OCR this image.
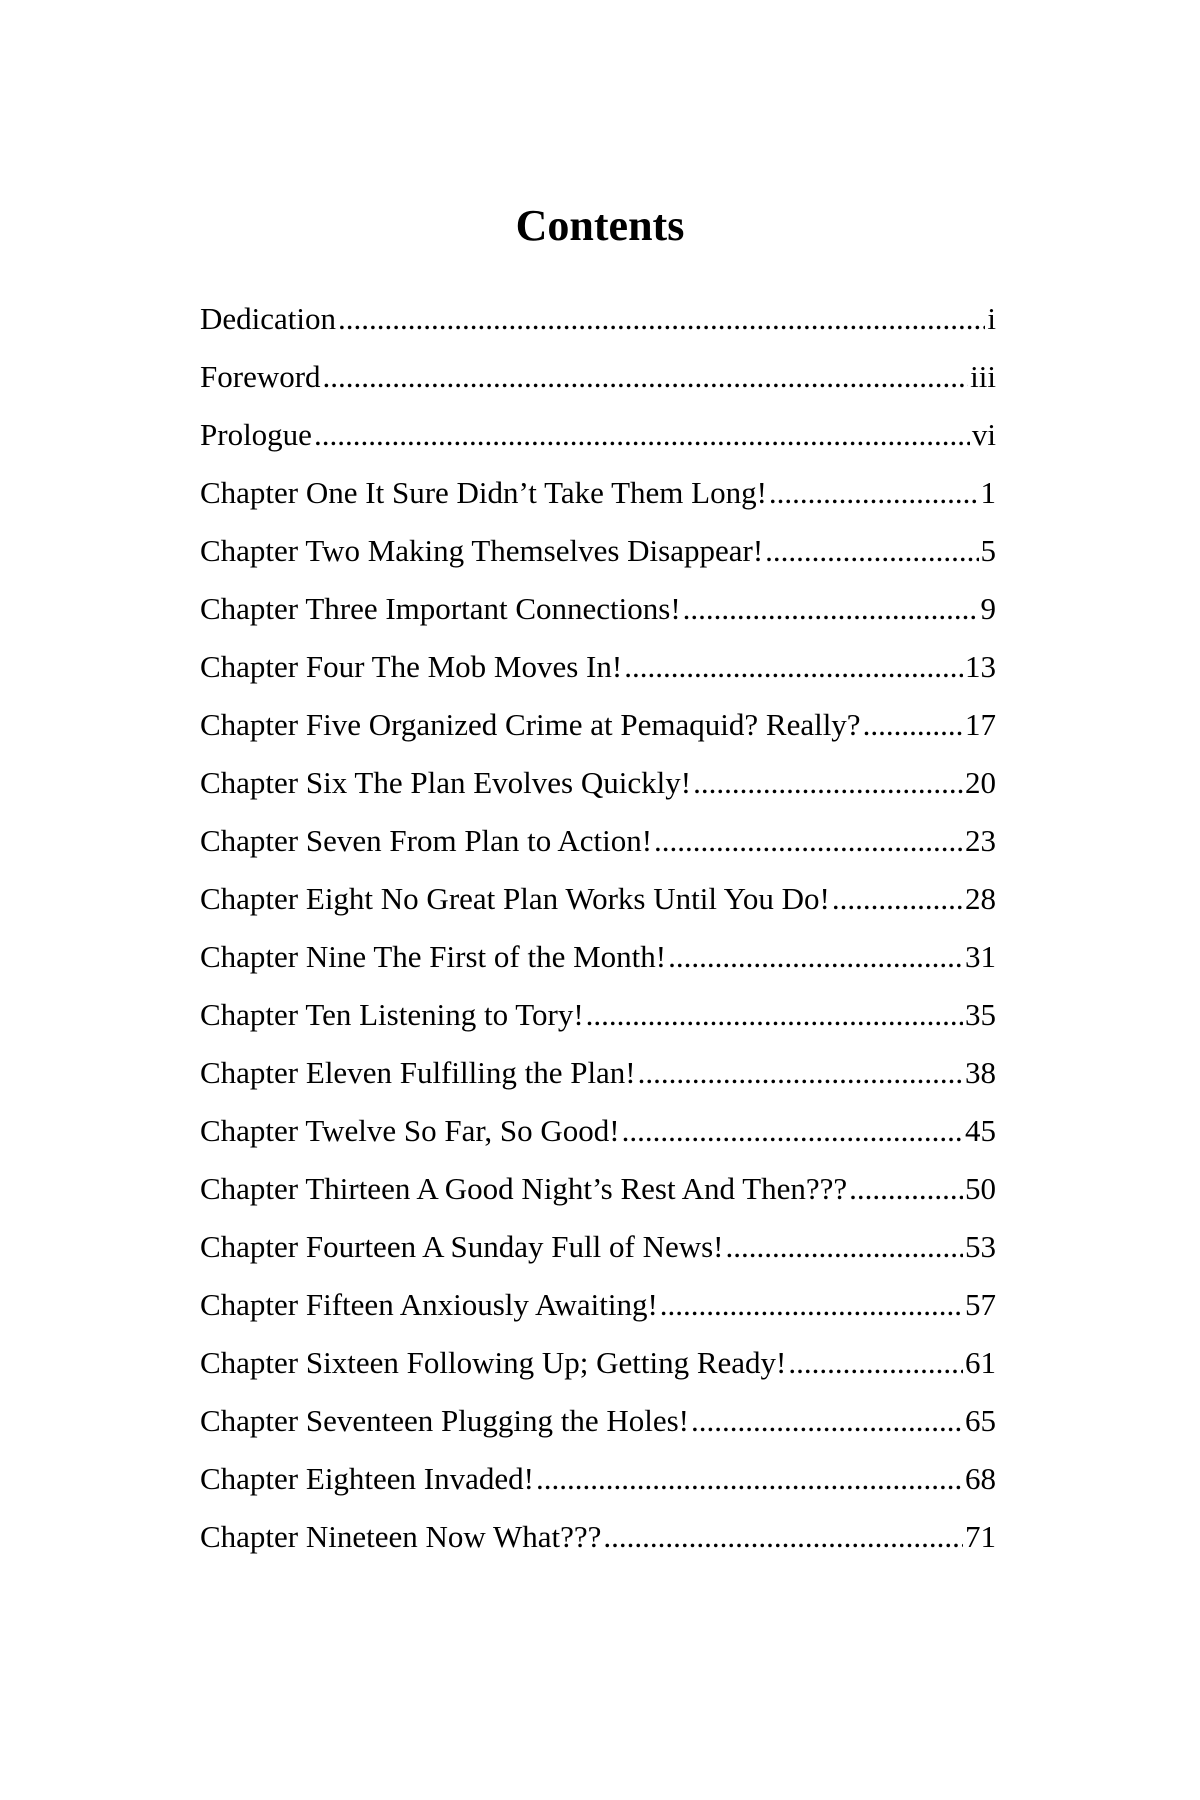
Contents
Dedication .....	i
Foreword .....	iii
Prologue .....	vi
Chapter One It Sure Didn’t Take Them Long! .....	1
Chapter Two Making Themselves Disappear! .....	5
Chapter Three Important Connections! .....	9
Chapter Four The Mob Moves In! .....	13
Chapter Five Organized Crime at Pemaquid? Really? .....	17
Chapter Six The Plan Evolves Quickly! .....	20
Chapter Seven From Plan to Action! .....	23
Chapter Eight No Great Plan Works Until You Do! .....	28
Chapter Nine The First of the Month! .....	31
Chapter Ten Listening to Tory! .....	35
Chapter Eleven Fulfilling the Plan! .....	38
Chapter Twelve So Far, So Good! .....	45
Chapter Thirteen A Good Night’s Rest And Then??? .....	50
Chapter Fourteen A Sunday Full of News! .....	53
Chapter Fifteen Anxiously Awaiting! .....	57
Chapter Sixteen Following Up; Getting Ready! .....	61
Chapter Seventeen Plugging the Holes! .....	65
Chapter Eighteen Invaded! .....	68
Chapter Nineteen Now What??? .....	71
